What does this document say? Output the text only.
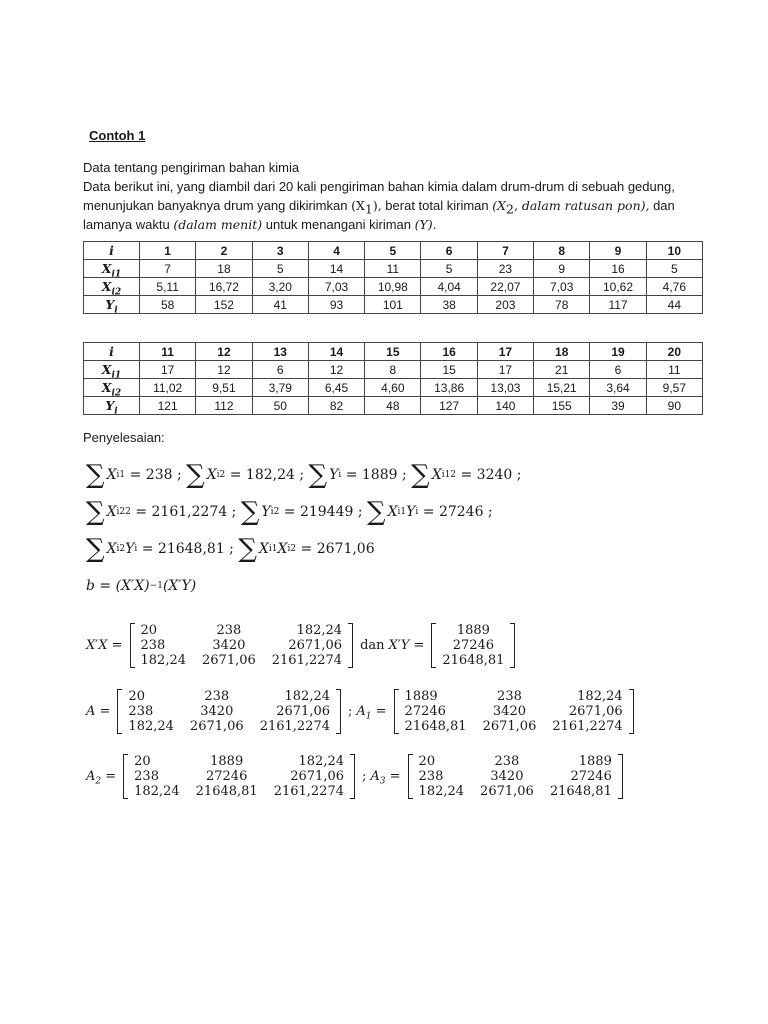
Contoh 1
Data tentang pengiriman bahan kimia
Data berikut ini, yang diambil dari 20 kali pengiriman bahan kimia dalam drum-drum di sebuah gedung,
menunjukan banyaknya drum yang dikirimkan $(X_1)$, berat total kiriman ($X_2$, dalam ratusan pon), dan
lamanya waktu (dalam menit) untuk menangani kiriman (Y).
i	1	2	3	4	5	6	7	8	9	10
$X_{i1}$	7	18	5	14	11	5	23	9	16	5
$X_{i2}$	5,11	16,72	3,20	7,03	10,98	4,04	22,07	7,03	10,62	4,76
$Y_i$	58	152	41	93	101	38	203	78	117	44
i	11	12	13	14	15	16	17	18	19	20
$X_{i1}$	17	12	6	12	8	15	17	21	6	11
$X_{i2}$	11,02	9,51	3,79	6,45	4,60	13,86	13,03	15,21	3,64	9,57
$Y_i$	121	112	50	82	48	127	140	155	39	90
Penyelesaian:
∑ X i1 = 238 ; ∑ X i2 = 182,24 ; ∑ Y i = 1889 ; ∑ X i1 2 = 3240 ;
∑ X i2 2 = 2161,2274 ; ∑ Y i 2 = 219449 ; ∑ X i1 Y i = 27246 ;
∑ X i2 Y i = 21648,81 ; ∑ X i1 X i2 = 2671,06
b =
(X′X) −1 (X′Y)
X′X =
20	238	182,24
238	3420	2671,06
182,24	2671,06	2161,2274
dan X′Y =
1889
27246
21648,81
A =
20	238	182,24
238	3420	2671,06
182,24	2671,06	2161,2274
; $A_1$ =
1889	238	182,24
27246	3420	2671,06
21648,81	2671,06	2161,2274
$A_2$ =
20	1889	182,24
238	27246	2671,06
182,24	21648,81	2161,2274
; $A_3$ =
20	238	1889
238	3420	27246
182,24	2671,06	21648,81
